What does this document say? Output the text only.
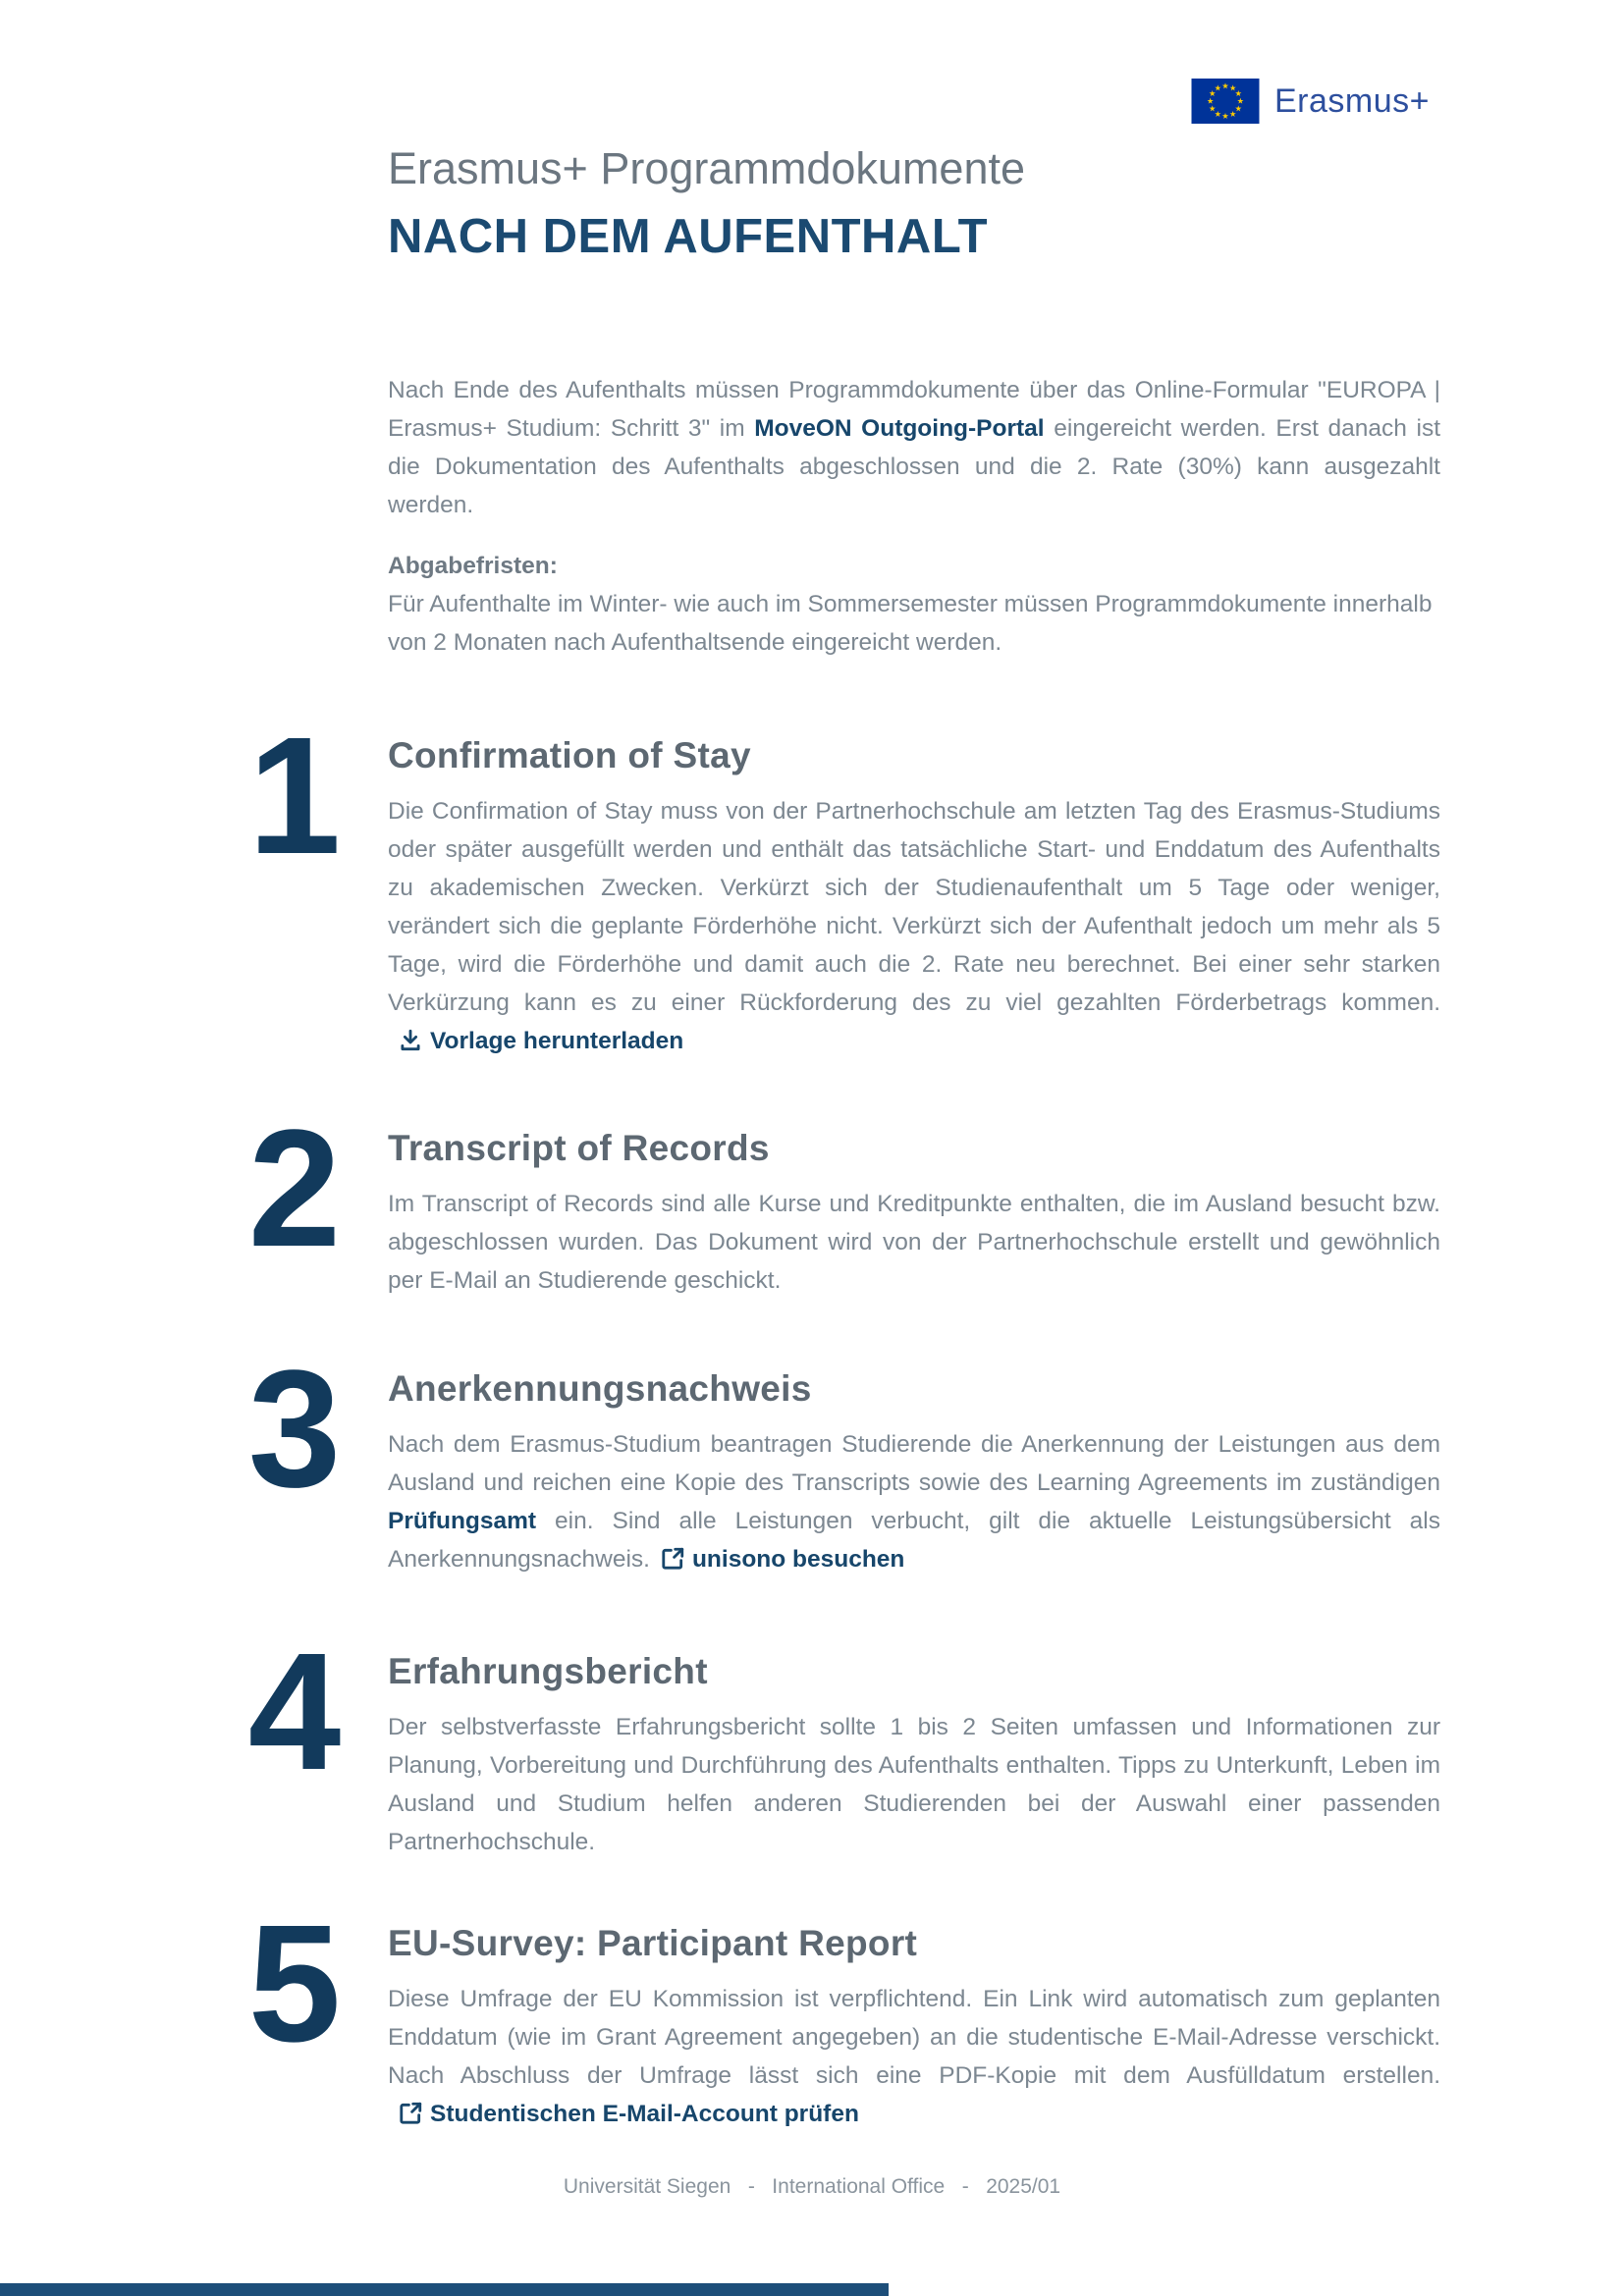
Erasmus+
Erasmus+ Programmdokumente
NACH DEM AUFENTHALT

Nach Ende des Aufenthalts müssen Programmdokumente über das Online-Formular "EUROPA | Erasmus+ Studium: Schritt 3" im MoveON Outgoing-Portal eingereicht werden. Erst danach ist die Dokumentation des Aufenthalts abgeschlossen und die 2. Rate (30%) kann ausgezahlt werden.

Abgabefristen:
Für Aufenthalte im Winter- wie auch im Sommersemester müssen Programmdokumente innerhalb von 2 Monaten nach Aufenthaltsende eingereicht werden.
1	Confirmation of Stay

Die Confirmation of Stay muss von der Partnerhochschule am letzten Tag des Erasmus-Studiums oder später ausgefüllt werden und enthält das tatsächliche Start- und Enddatum des Aufenthalts zu akademischen Zwecken. Verkürzt sich der Studienaufenthalt um 5 Tage oder weniger, verändert sich die geplante Förderhöhe nicht. Verkürzt sich der Aufenthalt jedoch um mehr als 5 Tage, wird die Förderhöhe und damit auch die 2. Rate neu berechnet. Bei einer sehr starken Verkürzung kann es zu einer Rückforderung des zu viel gezahlten Förderbetrags kommen.Vorlage herunterladen

2	Transcript of Records

Im Transcript of Records sind alle Kurse und Kreditpunkte enthalten, die im Ausland besucht bzw. abgeschlossen wurden. Das Dokument wird von der Partnerhochschule erstellt und gewöhnlich per E-Mail an Studierende geschickt.

3	Anerkennungsnachweis

Nach dem Erasmus-Studium beantragen Studierende die Anerkennung der Leistungen aus dem Ausland und reichen eine Kopie des Transcripts sowie des Learning Agreements im zuständigen Prüfungsamt ein. Sind alle Leistungen verbucht, gilt die aktuelle Leistungsübersicht als Anerkennungsnachweis. unisono besuchen

4	Erfahrungsbericht

Der selbstverfasste Erfahrungsbericht sollte 1 bis 2 Seiten umfassen und Informationen zur Planung, Vorbereitung und Durchführung des Aufenthalts enthalten. Tipps zu Unterkunft, Leben im Ausland und Studium helfen anderen Studierenden bei der Auswahl einer passenden Partnerhochschule.

5	EU-Survey: Participant Report

Diese Umfrage der EU Kommission ist verpflichtend. Ein Link wird automatisch zum geplanten Enddatum (wie im Grant Agreement angegeben) an die studentische E-Mail-Adresse verschickt. Nach Abschluss der Umfrage lässt sich eine PDF-Kopie mit dem Ausfülldatum erstellen.Studentischen E-Mail-Account prüfen

Universität Siegen   -   International Office   -   2025/01
